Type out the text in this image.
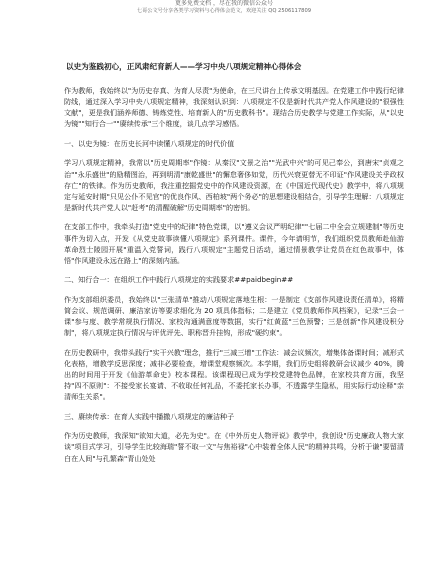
更多免费文档 ，尽在我的微信公众号
七哥公文号分享各类学习资料与心得体会范文，欢迎关注 QQ 2506117809
以史为鉴践初心，正风肃纪育新人——学习中央八项规定精神心得体会

作为教师，我始终以"为历史存真、为育人尽责"为使命，在三尺讲台上传承文明基因。在党建工作中践行纪律防线，通过深入学习中央八项规定精神，我深刻认识到：八项规定不仅是新时代共产党人作风建设的"很强性文献"，更是我们涵养师德、铸炼党性、培育新人的"历史教科书"。现结合历史教学与党建工作实际，从"以史为镜""知行合一""赓续传承"三个维度，谈几点学习感悟。

一、以史为镜：在历史长河中读懂八项规定的时代价值

学习八项规定精神，我常以"历史周期率"作镜：从秦汉"文景之治""光武中兴"的可见己奉公，到唐宋"贞观之治""永乐盛世"的励精图治，再到明清"康乾盛世"的懈怠奢侈如觉，历代兴衰更替无不印证"作风建设关乎政权存亡"的铁律。作为历史教师，我注重挖掘党史中的作风建设资源，在《中国近代现代史》教学中，将八项规定与延安时期"只见公仆不见官"的优良作风、西柏坡"两个务必"的思想建设相结合，引导学生理解：八项规定是新时代共产党人以"赶考"的清醒破解"历史周期率"的密钥。

在支部工作中，我牵头打造"党史中的纪律"特色党课，以"遵义会议严明纪律""七届二中全会立规建制"等历史事件为切入点，开发《从党史故事读懂八项规定》系列课件。课件，今年请明节，我们组织党员教师赴仙游革命烈士陵园开展"重温入党誓词，践行八项规定"主题党日活动，通过情景教学让党员在红色故事中，体悟"作风建设永远在路上"的深刻内涵。

二、知行合一：在组织工作中践行八项规定的实践要求##paidbegin##

作为支部组织委员，我始终以"三张清单"推动八项规定落地生根：一是制定《支部作风建设责任清单》，将精简会议、规范调研、廉洁家访等要求细化为 20 项具体指标；二是建立《党员教师作风档案》，记录"三会一课"参与度、教学常规执行情况、家校沟通满意度等数据，实行"红黄蓝"三色预警；三是创新"作风建设积分制"，将八项规定执行情况与评优评先、职称晋升挂钩，形成"硬约束"。

在历史教研中，我带头践行"实干兴教"理念，推行"三减三增"工作法：减会议频次，增集体备课时间；减形式化表格，增教学反思深度；减非必要检查，增课堂观察频次。本学期，我们历史组将教研会议减少 40%，腾出的时间用于开发《仙游革命史》校本课程。该课程现已成为学校党建特色品牌，在家校共育方面，我坚持"四不原则"：不接受家长宴请、不收取任何礼品，不委托家长办事，不透露学生隐私，用实际行动诠释"亲清师生关系"。

三、赓续传承：在育人实践中播撒八项规定的廉洁种子

作为历史教师，我深知"欲知大道，必先为史"。在《中外历史人物评说》教学中，我创设"历史廉政人物大家谈"项目式学习，引导学生比较海瑞"誓不取一文"与焦裕禄"心中装着全体人民"的精神共鸣，分析于谦"要留清白在人间"与孔繁森"青山处处
